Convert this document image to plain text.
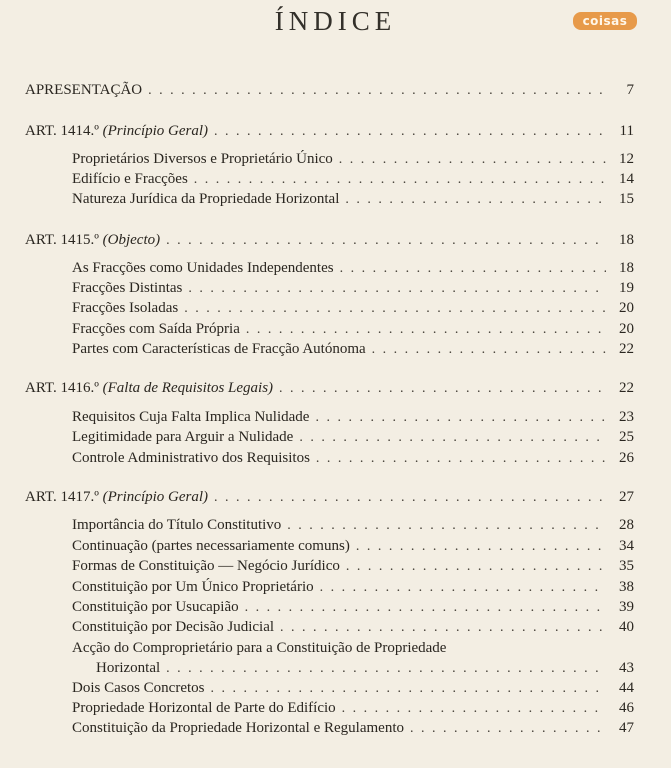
ÍNDICE	coisas
APRESENTAÇÃO . . .	7
ART. 1414.º (Princípio Geral) . . .	11
Proprietários Diversos e Proprietário Único . . .	12
Edifício e Fracções . . .	14
Natureza Jurídica da Propriedade Horizontal . . .	15
ART. 1415.º (Objecto) . . .	18
As Fracções como Unidades Independentes . . .	18
Fracções Distintas . . .	19
Fracções Isoladas . . .	20
Fracções com Saída Própria . . .	20
Partes com Características de Fracção Autónoma . . .	22
ART. 1416.º (Falta de Requisitos Legais) . . .	22
Requisitos Cuja Falta Implica Nulidade . . .	23
Legitimidade para Arguir a Nulidade . . .	25
Controle Administrativo dos Requisitos . . .	26
ART. 1417.º (Princípio Geral) . . .	27
Importância do Título Constitutivo . . .	28
Continuação (partes necessariamente comuns) . . .	34
Formas de Constituição — Negócio Jurídico . . .	35
Constituição por Um Único Proprietário . . .	38
Constituição por Usucapião . . .	39
Constituição por Decisão Judicial . . .	40
Acção do Comproprietário para a Constituição de Propriedade
Horizontal . . .	43
Dois Casos Concretos . . .	44
Propriedade Horizontal de Parte do Edifício . . .	46
Constituição da Propriedade Horizontal e Regulamento . . .	47
